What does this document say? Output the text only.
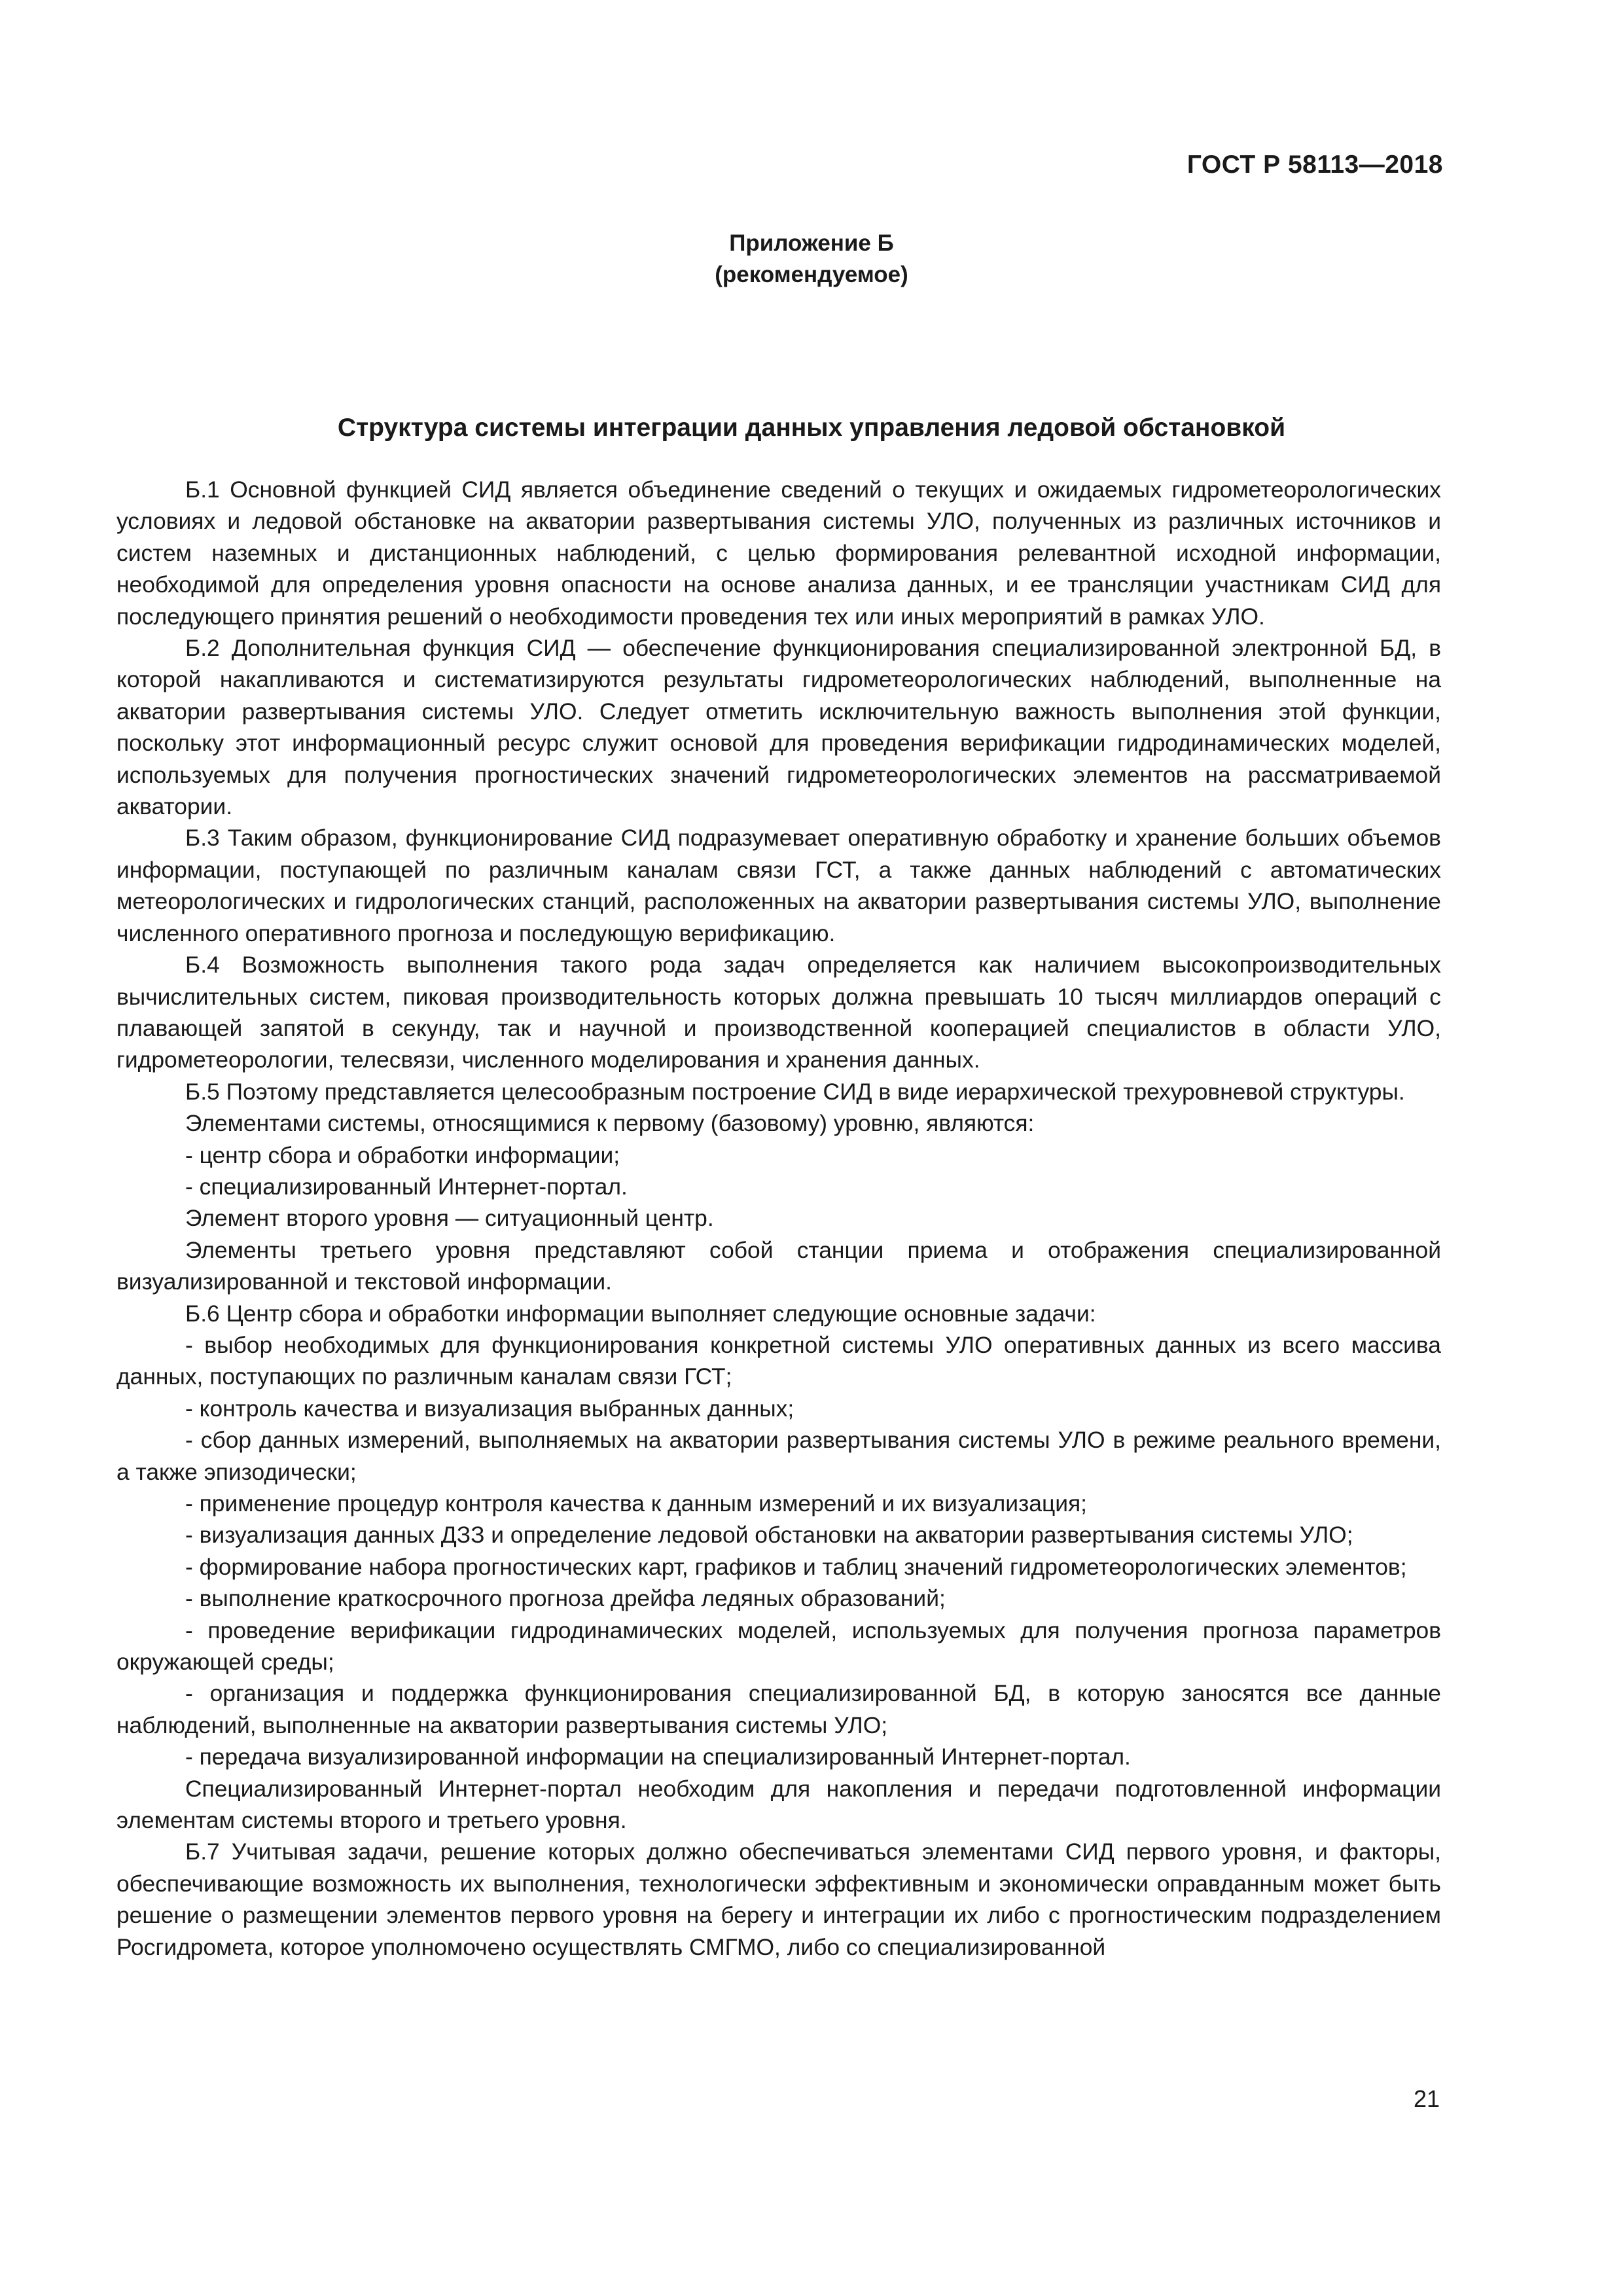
ГОСТ Р 58113—2018
Приложение Б
(рекомендуемое)
Структура системы интеграции данных управления ледовой обстановкой

Б.1 Основной функцией СИД является объединение сведений о текущих и ожидаемых гидрометеорологических условиях и ледовой обстановке на акватории развертывания системы УЛО, полученных из различных источников и систем наземных и дистанционных наблюдений, с целью формирования релевантной исходной информации, необходимой для определения уровня опасности на основе анализа данных, и ее трансляции участникам СИД для последующего принятия решений о необходимости проведения тех или иных мероприятий в рамках УЛО.

Б.2 Дополнительная функция СИД — обеспечение функционирования специализированной электронной БД, в которой накапливаются и систематизируются результаты гидрометеорологических наблюдений, выполненные на акватории развертывания системы УЛО. Следует отметить исключительную важность выполнения этой функции, поскольку этот информационный ресурс служит основой для проведения верификации гидродинамических моделей, используемых для получения прогностических значений гидрометеорологических элементов на рассматриваемой акватории.

Б.3 Таким образом, функционирование СИД подразумевает оперативную обработку и хранение больших объемов информации, поступающей по различным каналам связи ГСТ, а также данных наблюдений с автоматических метеорологических и гидрологических станций, расположенных на акватории развертывания системы УЛО, выполнение численного оперативного прогноза и последующую верификацию.

Б.4 Возможность выполнения такого рода задач определяется как наличием высокопроизводительных вычислительных систем, пиковая производительность которых должна превышать 10 тысяч миллиардов операций с плавающей запятой в секунду, так и научной и производственной кооперацией специалистов в области УЛО, гидрометеорологии, телесвязи, численного моделирования и хранения данных.

Б.5 Поэтому представляется целесообразным построение СИД в виде иерархической трехуровневой структуры.

Элементами системы, относящимися к первому (базовому) уровню, являются:

- центр сбора и обработки информации;

- специализированный Интернет-портал.

Элемент второго уровня — ситуационный центр.

Элементы третьего уровня представляют собой станции приема и отображения специализированной визуализированной и текстовой информации.

Б.6 Центр сбора и обработки информации выполняет следующие основные задачи:

- выбор необходимых для функционирования конкретной системы УЛО оперативных данных из всего массива данных, поступающих по различным каналам связи ГСТ;

- контроль качества и визуализация выбранных данных;

- сбор данных измерений, выполняемых на акватории развертывания системы УЛО в режиме реального времени, а также эпизодически;

- применение процедур контроля качества к данным измерений и их визуализация;

- визуализация данных ДЗЗ и определение ледовой обстановки на акватории развертывания системы УЛО;

- формирование набора прогностических карт, графиков и таблиц значений гидрометеорологических элементов;

- выполнение краткосрочного прогноза дрейфа ледяных образований;

- проведение верификации гидродинамических моделей, используемых для получения прогноза параметров окружающей среды;

- организация и поддержка функционирования специализированной БД, в которую заносятся все данные наблюдений, выполненные на акватории развертывания системы УЛО;

- передача визуализированной информации на специализированный Интернет-портал.

Специализированный Интернет-портал необходим для накопления и передачи подготовленной информации элементам системы второго и третьего уровня.

Б.7 Учитывая задачи, решение которых должно обеспечиваться элементами СИД первого уровня, и факторы, обеспечивающие возможность их выполнения, технологически эффективным и экономически оправданным может быть решение о размещении элементов первого уровня на берегу и интеграции их либо с прогностическим подразделением Росгидромета, которое уполномочено осуществлять СМГМО, либо со специализированной

21
